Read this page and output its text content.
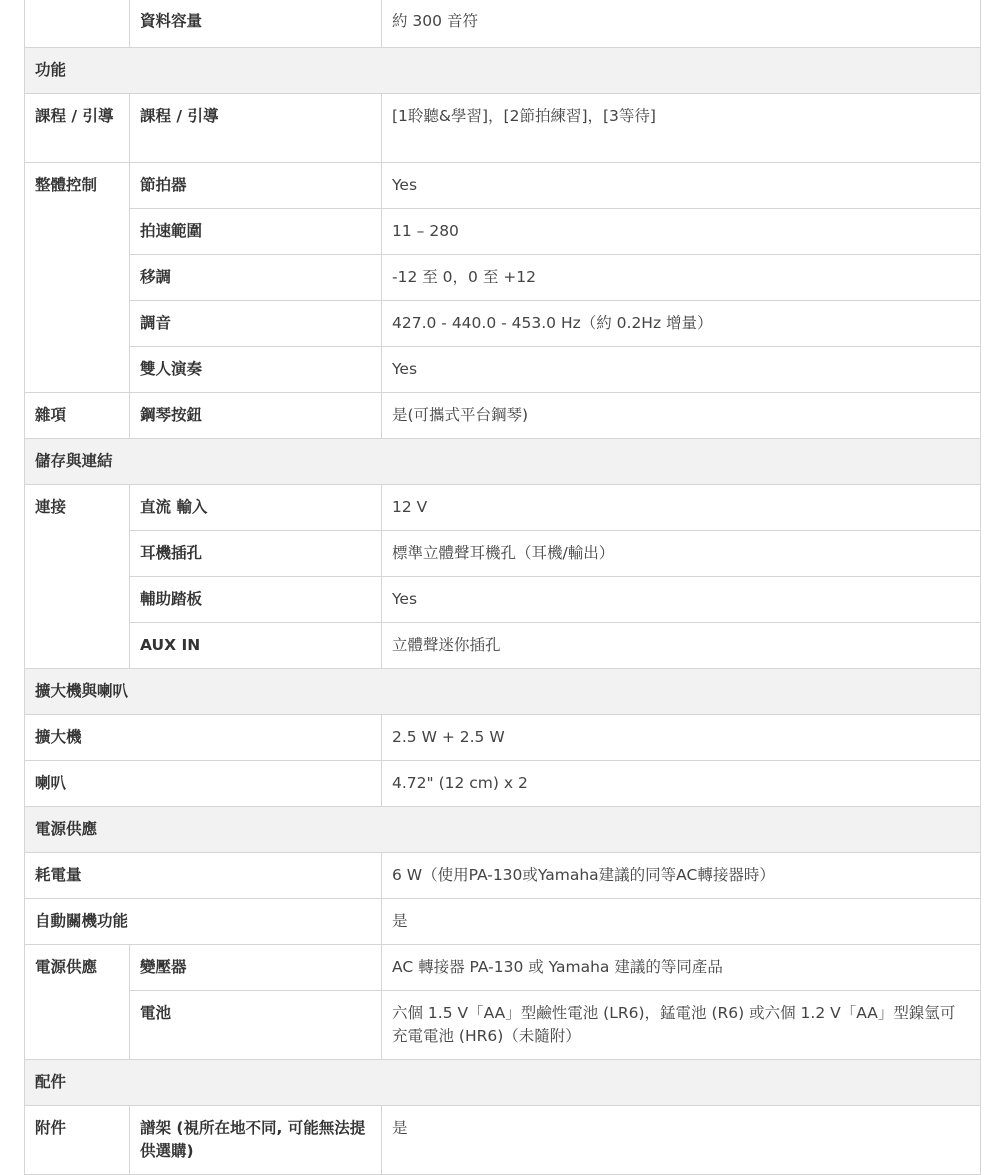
	資料容量	約 300 音符
功能		
課程 / 引導	課程 / 引導	[1聆聽&學習]，[2節拍練習]，[3等待]
整體控制	節拍器	Yes
	拍速範圍	11 – 280
	移調	-12 至 0，0 至 +12
	調音	427.0 - 440.0 - 453.0 Hz（約 0.2Hz 增量）
	雙人演奏	Yes
雜項	鋼琴按鈕	是(可攜式平台鋼琴)
儲存與連結		
連接	直流 輸入	12 V
	耳機插孔	標準立體聲耳機孔（耳機/輸出）
	輔助踏板	Yes
	AUX IN	立體聲迷你插孔
擴大機與喇叭		
擴大機		2.5 W + 2.5 W
喇叭		4.72" (12 cm) x 2
電源供應		
耗電量		6 W（使用PA-130或Yamaha建議的同等AC轉接器時）
自動關機功能		是
電源供應	變壓器	AC 轉接器 PA-130 或 Yamaha 建議的等同產品
	電池	六個 1.5 V「AA」型鹼性電池 (LR6)，錳電池 (R6) 或六個 1.2 V「AA」型鎳氫可充電電池 (HR6)（未隨附）
配件		
附件	譜架 (視所在地不同, 可能無法提供選購)	是
